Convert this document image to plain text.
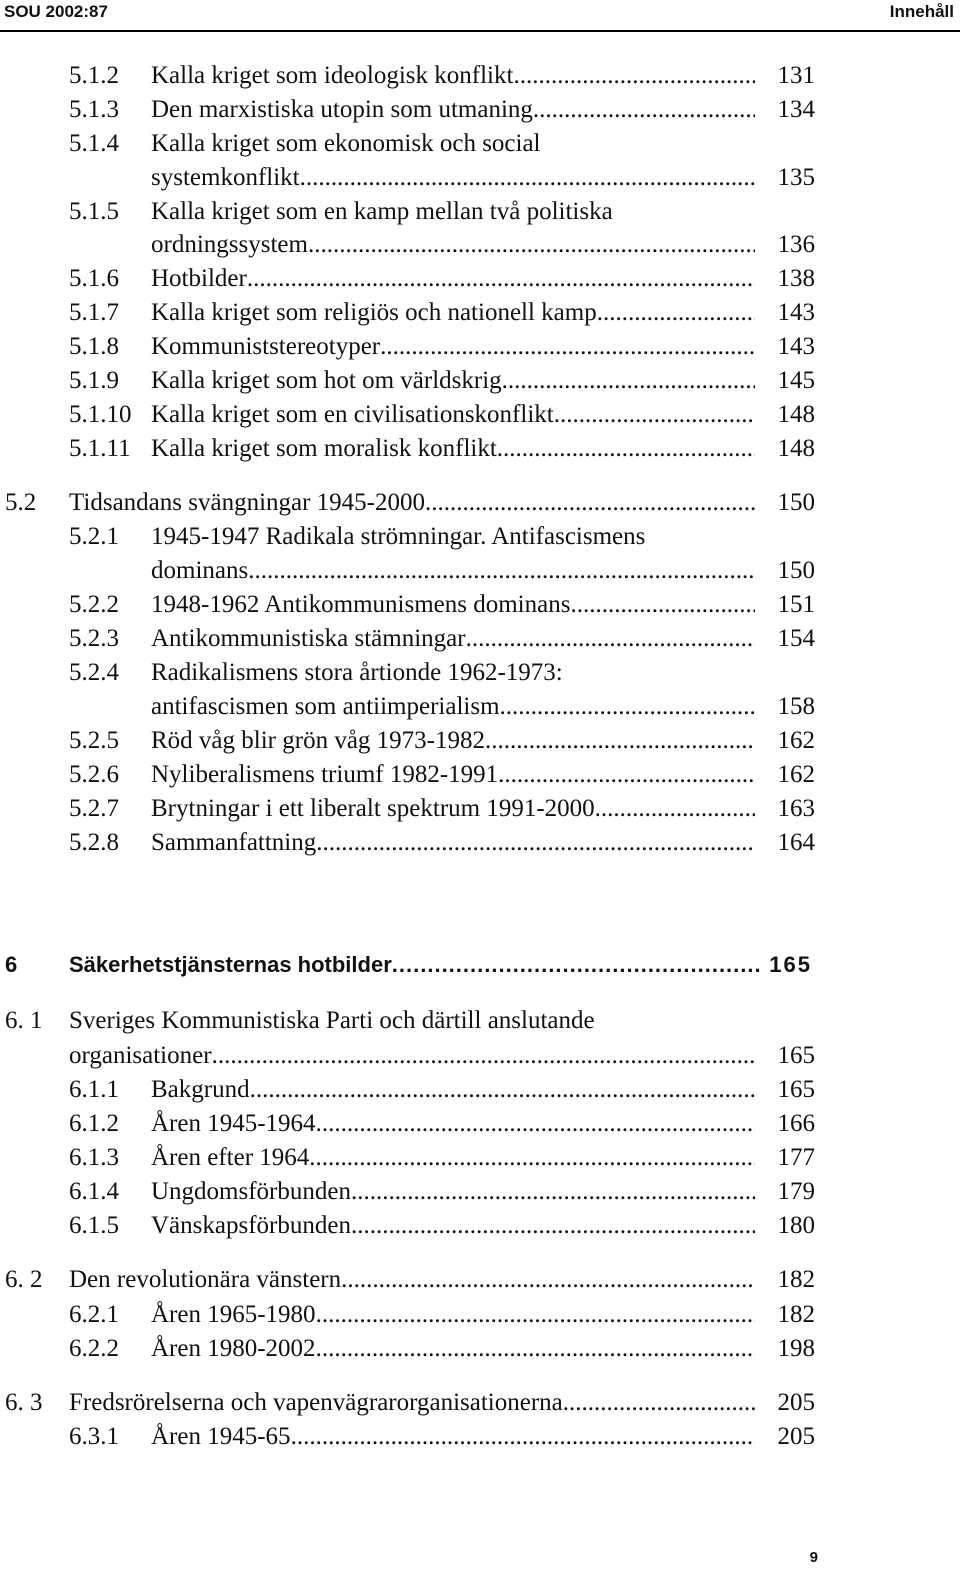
SOU 2002:87	Innehåll
5.1.2 Kalla kriget som ideologisk konflikt .....	131
5.1.3 Den marxistiska utopin som utmaning .....	134
5.1.4 Kalla kriget som ekonomisk och social
systemkonflikt .....	135
5.1.5 Kalla kriget som en kamp mellan två politiska
ordningssystem .....	136
5.1.6 Hotbilder .....	138
5.1.7 Kalla kriget som religiös och nationell kamp .....	143
5.1.8 Kommuniststereotyper .....	143
5.1.9 Kalla kriget som hot om världskrig .....	145
5.1.10 Kalla kriget som en civilisationskonflikt .....	148
5.1.11 Kalla kriget som moralisk konflikt .....	148
5.2 Tidsandans svängningar 1945-2000 .....	150
5.2.1 1945-1947 Radikala strömningar. Antifascismens
dominans .....	150
5.2.2 1948-1962 Antikommunismens dominans .....	151
5.2.3 Antikommunistiska stämningar .....	154
5.2.4 Radikalismens stora årtionde 1962-1973:
antifascismen som antiimperialism .....	158
5.2.5 Röd våg blir grön våg 1973-1982 .....	162
5.2.6 Nyliberalismens triumf 1982-1991 .....	162
5.2.7 Brytningar i ett liberalt spektrum 1991-2000 .....	163
5.2.8 Sammanfattning .....	164
6 Säkerhetstjänsternas hotbilder .....	165
6. 1 Sveriges Kommunistiska Parti och därtill anslutande
organisationer .....	165
6.1.1 Bakgrund .....	165
6.1.2 Åren 1945-1964 .....	166
6.1.3 Åren efter 1964 .....	177
6.1.4 Ungdomsförbunden .....	179
6.1.5 Vänskapsförbunden .....	180
6. 2 Den revolutionära vänstern .....	182
6.2.1 Åren 1965-1980 .....	182
6.2.2 Åren 1980-2002 .....	198
6. 3 Fredsrörelserna och vapenvägrarorganisationerna .....	205
6.3.1 Åren 1945-65 .....	205
9
